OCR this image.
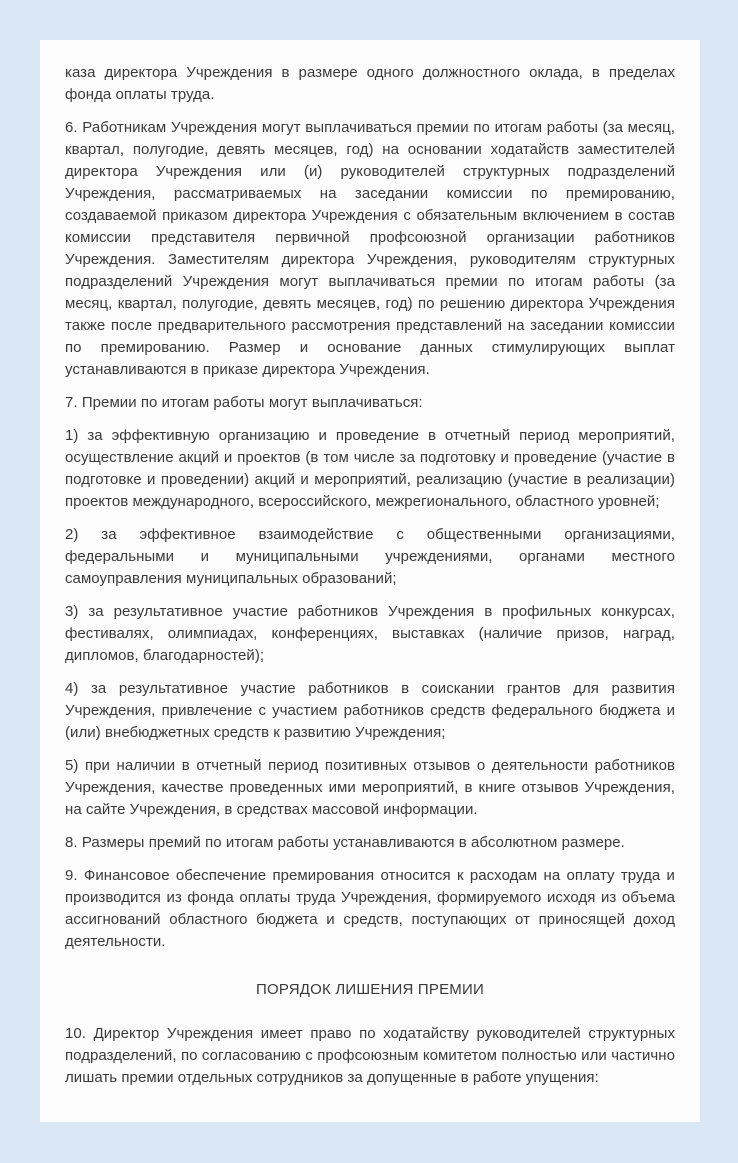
каза директора Учреждения в размере одного должностного оклада, в пределах фонда оплаты труда.

6. Работникам Учреждения могут выплачиваться премии по итогам работы (за месяц, квартал, полугодие, девять месяцев, год) на основании ходатайств заместителей директора Учреждения или (и) руководителей структурных подразделений Учреждения, рассматриваемых на заседании комиссии по премированию, создаваемой приказом директора Учреждения с обязательным включением в состав комиссии представителя первичной профсоюзной организации работников Учреждения. Заместителям директора Учреждения, руководителям структурных подразделений Учреждения могут выплачиваться премии по итогам работы (за месяц, квартал, полугодие, девять месяцев, год) по решению директора Учреждения также после предварительного рассмотрения представлений на заседании комиссии по премированию. Размер и основание данных стимулирующих выплат устанавливаются в приказе директора Учреждения.

7. Премии по итогам работы могут выплачиваться:

1) за эффективную организацию и проведение в отчетный период мероприятий, осуществление акций и проектов (в том числе за подготовку и проведение (участие в подготовке и проведении) акций и мероприятий, реализацию (участие в реализации) проектов международного, всероссийского, межрегионального, областного уровней;

2) за эффективное взаимодействие с общественными организациями, федеральными и муниципальными учреждениями, органами местного самоуправления муниципальных образований;

3) за результативное участие работников Учреждения в профильных конкурсах, фестивалях, олимпиадах, конференциях, выставках (наличие призов, наград, дипломов, благодарностей);

4) за результативное участие работников в соискании грантов для развития Учреждения, привлечение с участием работников средств федерального бюджета и (или) внебюджетных средств к развитию Учреждения;

5) при наличии в отчетный период позитивных отзывов о деятельности работников Учреждения, качестве проведенных ими мероприятий, в книге отзывов Учреждения, на сайте Учреждения, в средствах массовой информации.

8. Размеры премий по итогам работы устанавливаются в абсолютном размере.

9. Финансовое обеспечение премирования относится к расходам на оплату труда и производится из фонда оплаты труда Учреждения, формируемого исходя из объема ассигнований областного бюджета и средств, поступающих от приносящей доход деятельности.

ПОРЯДОК ЛИШЕНИЯ ПРЕМИИ

10. Директор Учреждения имеет право по ходатайству руководителей структурных подразделений, по согласованию с профсоюзным комитетом полностью или частично лишать премии отдельных сотрудников за допущенные в работе упущения:
